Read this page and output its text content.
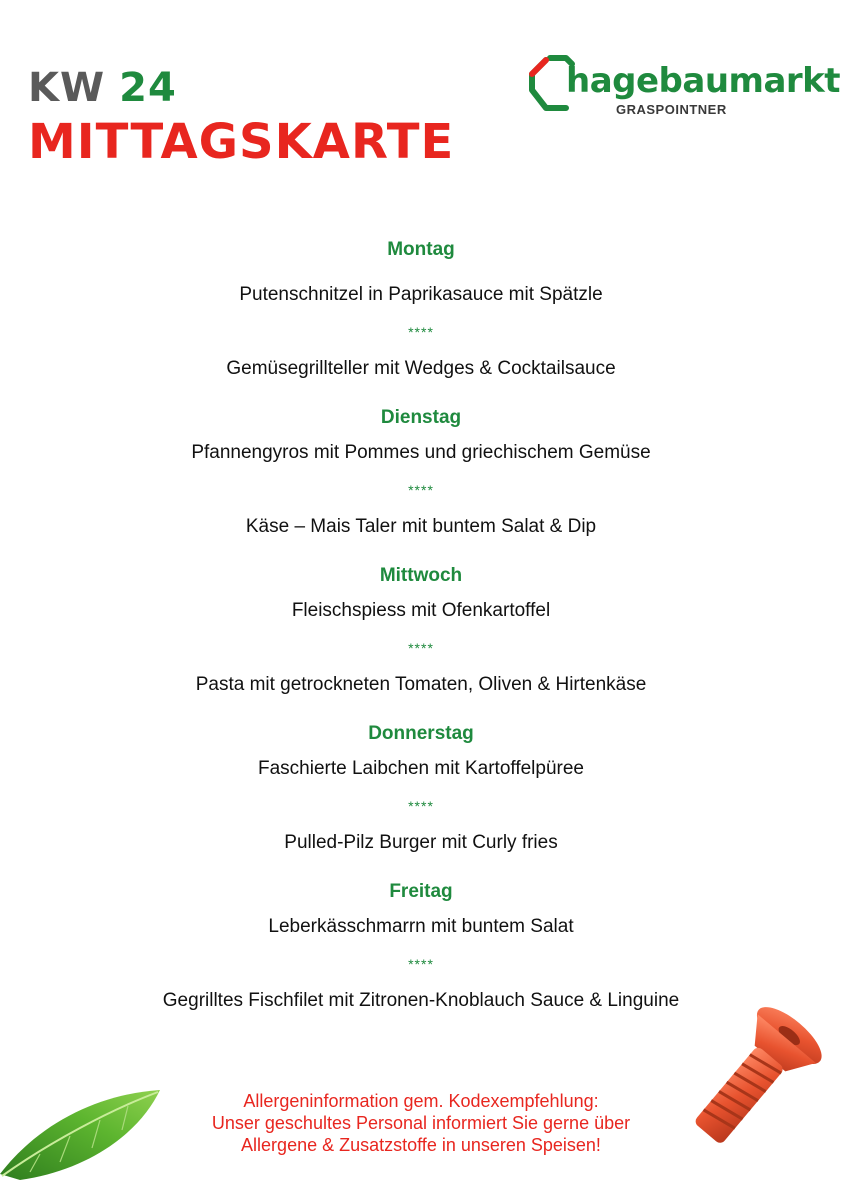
KW 24
MITTAGSKARTE
hagebaumarkt
GRASPOINTNER
Montag
Putenschnitzel in Paprikasauce mit Spätzle
****
Gemüsegrillteller mit Wedges & Cocktailsauce
Dienstag
Pfannengyros mit Pommes und griechischem Gemüse
****
Käse – Mais Taler mit buntem Salat & Dip
Mittwoch
Fleischspiess mit Ofenkartoffel
****
Pasta mit getrockneten Tomaten, Oliven & Hirtenkäse
Donnerstag
Faschierte Laibchen mit Kartoffelpüree
****
Pulled-Pilz Burger mit Curly fries
Freitag
Leberkässchmarrn mit buntem Salat
****
Gegrilltes Fischfilet mit Zitronen-Knoblauch Sauce & Linguine
Allergeninformation gem. Kodexempfehlung:
Unser geschultes Personal informiert Sie gerne über
Allergene & Zusatzstoffe in unseren Speisen!
